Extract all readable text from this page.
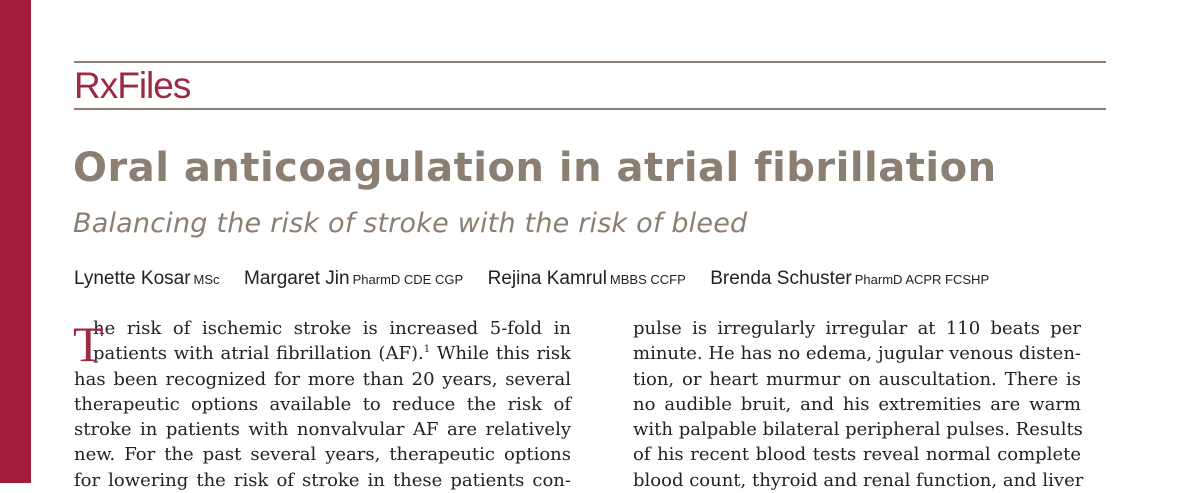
RxFiles
Oral anticoagulation in atrial fibrillation
Balancing the risk of stroke with the risk of bleed
Lynette Kosar MSc Margaret Jin PharmD CDE CGP Rejina Kamrul MBBS CCFP Brenda Schuster PharmD ACPR FCSHP
T
he risk of ischemic stroke is increased 5-fold in
patients with atrial fibrillation (AF).$^1$ While this risk
has been recognized for more than 20 years, several
therapeutic options available to reduce the risk of
stroke in patients with nonvalvular AF are relatively
new. For the past several years, therapeutic options
for lowering the risk of stroke in these patients con-
pulse is irregularly irregular at 110 beats per
minute. He has no edema, jugular venous disten-
tion, or heart murmur on auscultation. There is
no audible bruit, and his extremities are warm
with palpable bilateral peripheral pulses. Results
of his recent blood tests reveal normal complete
blood count, thyroid and renal function, and liver
